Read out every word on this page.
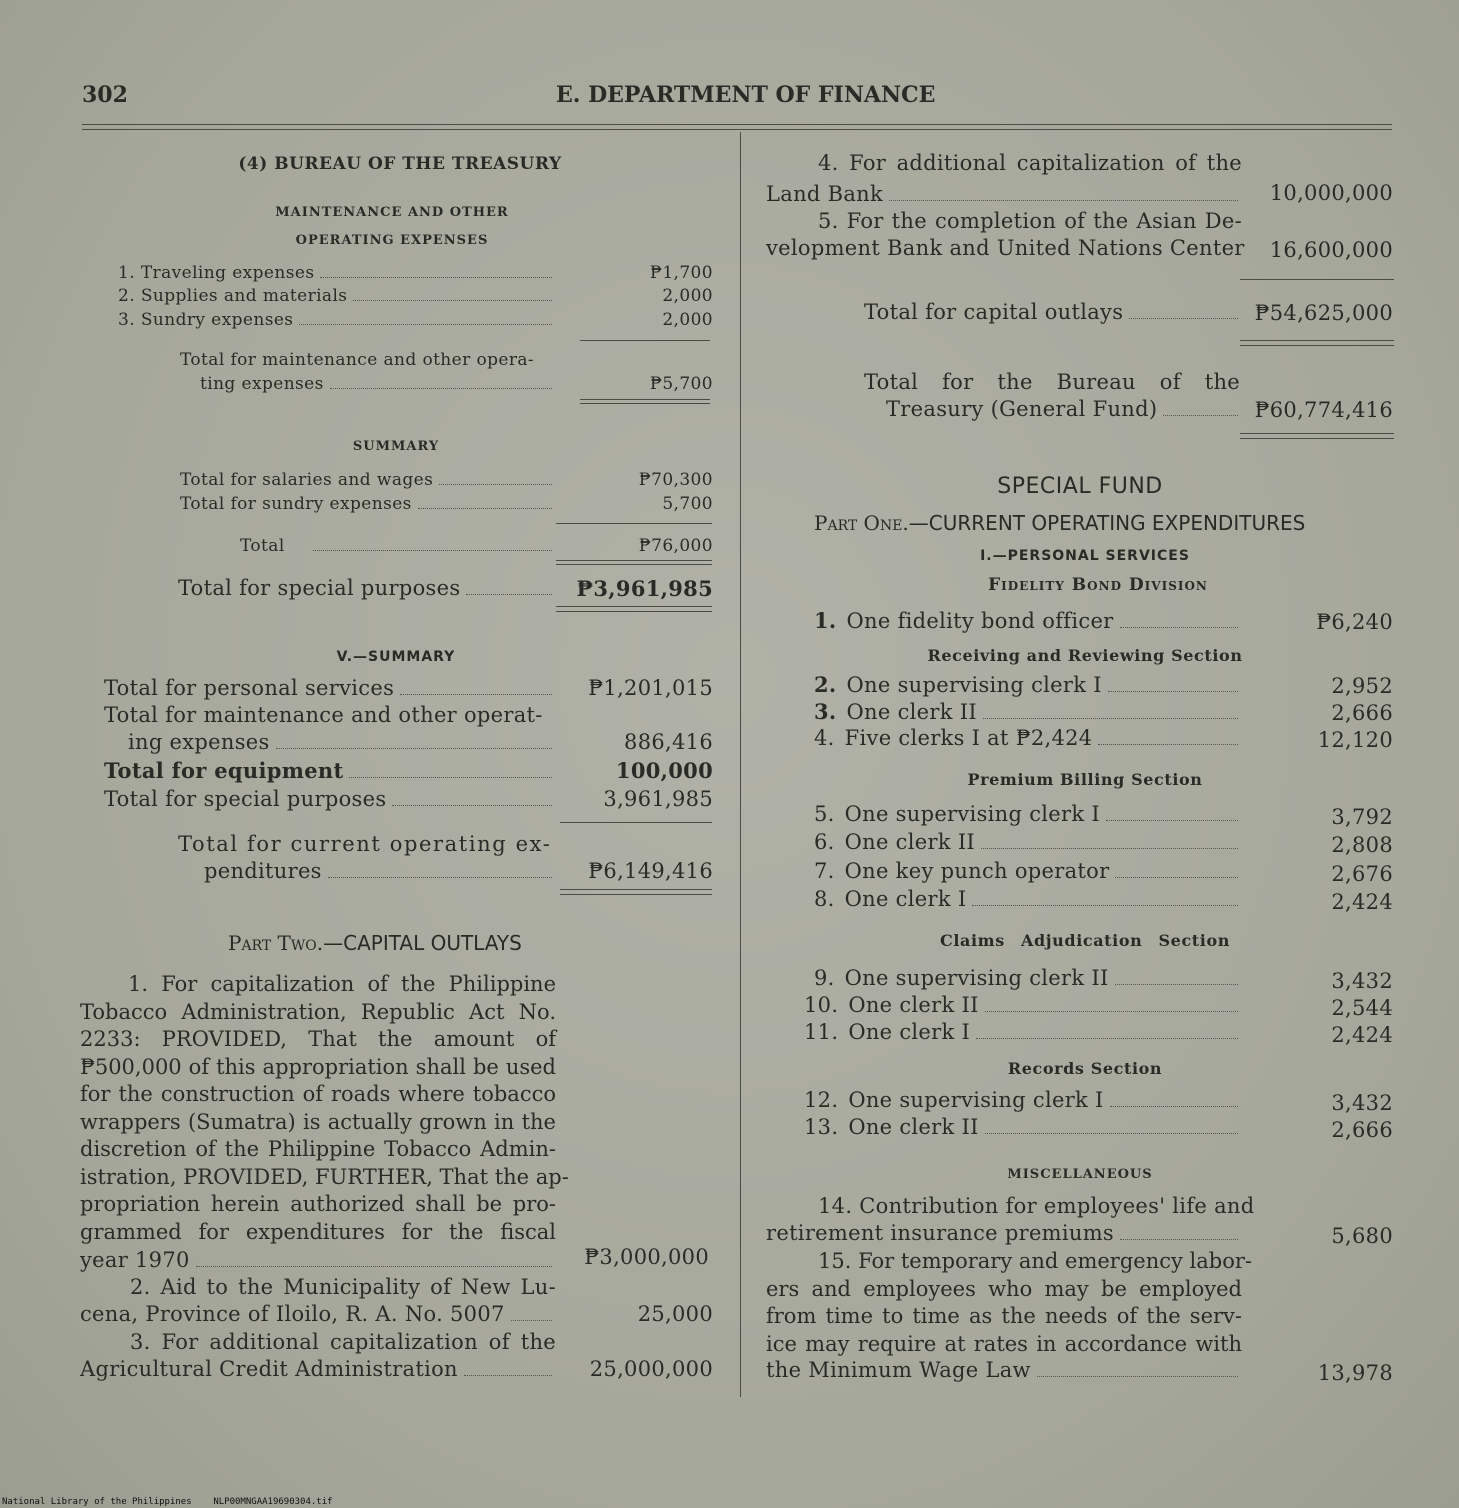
302	E. DEPARTMENT OF FINANCE
(4) BUREAU OF THE TREASURY
MAINTENANCE AND OTHER
OPERATING EXPENSES
1. Traveling expenses	₱1,700
2. Supplies and materials	2,000
3. Sundry expenses	2,000
Total for maintenance and other opera-
ting expenses	₱5,700
SUMMARY
Total for salaries and wages	₱70,300
Total for sundry expenses	5,700
Total	₱76,000
Total for special purposes	₱3,961,985
V.—SUMMARY
Total for personal services	₱1,201,015
Total for maintenance and other operat-
ing expenses	886,416
Total for equipment	100,000
Total for special purposes	3,961,985
Total for current operating ex-
penditures	₱6,149,416
Part Two.—CAPITAL OUTLAYS
1. For capitalization of the Philippine
Tobacco Administration, Republic Act No.
2233: PROVIDED, That the amount of
₱500,000 of this appropriation shall be used
for the construction of roads where tobacco
wrappers (Sumatra) is actually grown in the
discretion of the Philippine Tobacco Admin-
istration, PROVIDED, FURTHER, That the ap-
propriation herein authorized shall be pro-
grammed for expenditures for the fiscal
year 1970	₱3,000,000
2. Aid to the Municipality of New Lu-
cena, Province of Iloilo, R. A. No. 5007	25,000
3. For additional capitalization of the
Agricultural Credit Administration	25,000,000
4. For additional capitalization of the
Land Bank	10,000,000
5. For the completion of the Asian De-
velopment Bank and United Nations Center 16,600,000
Total for capital outlays	₱54,625,000
Total for the Bureau of the
Treasury (General Fund)	₱60,774,416
SPECIAL FUND
Part One.—CURRENT OPERATING EXPENDITURES
I.—PERSONAL SERVICES
Fidelity Bond Division
1. One fidelity bond officer	₱6,240
Receiving and Reviewing Section
2. One supervising clerk I	2,952
3. One clerk II	2,666
4. Five clerks I at ₱2,424	12,120
Premium Billing Section
5. One supervising clerk I	3,792
6. One clerk II	2,808
7. One key punch operator	2,676
8. One clerk I	2,424
Claims Adjudication Section
9. One supervising clerk II	3,432
10. One clerk II	2,544
11. One clerk I	2,424
Records Section
12. One supervising clerk I	3,432
13. One clerk II	2,666
MISCELLANEOUS
14. Contribution for employees' life and
retirement insurance premiums	5,680
15. For temporary and emergency labor-
ers and employees who may be employed
from time to time as the needs of the serv-
ice may require at rates in accordance with
the Minimum Wage Law	13,978
National Library of the Philippines NLP00MNGAA19690304.tif
